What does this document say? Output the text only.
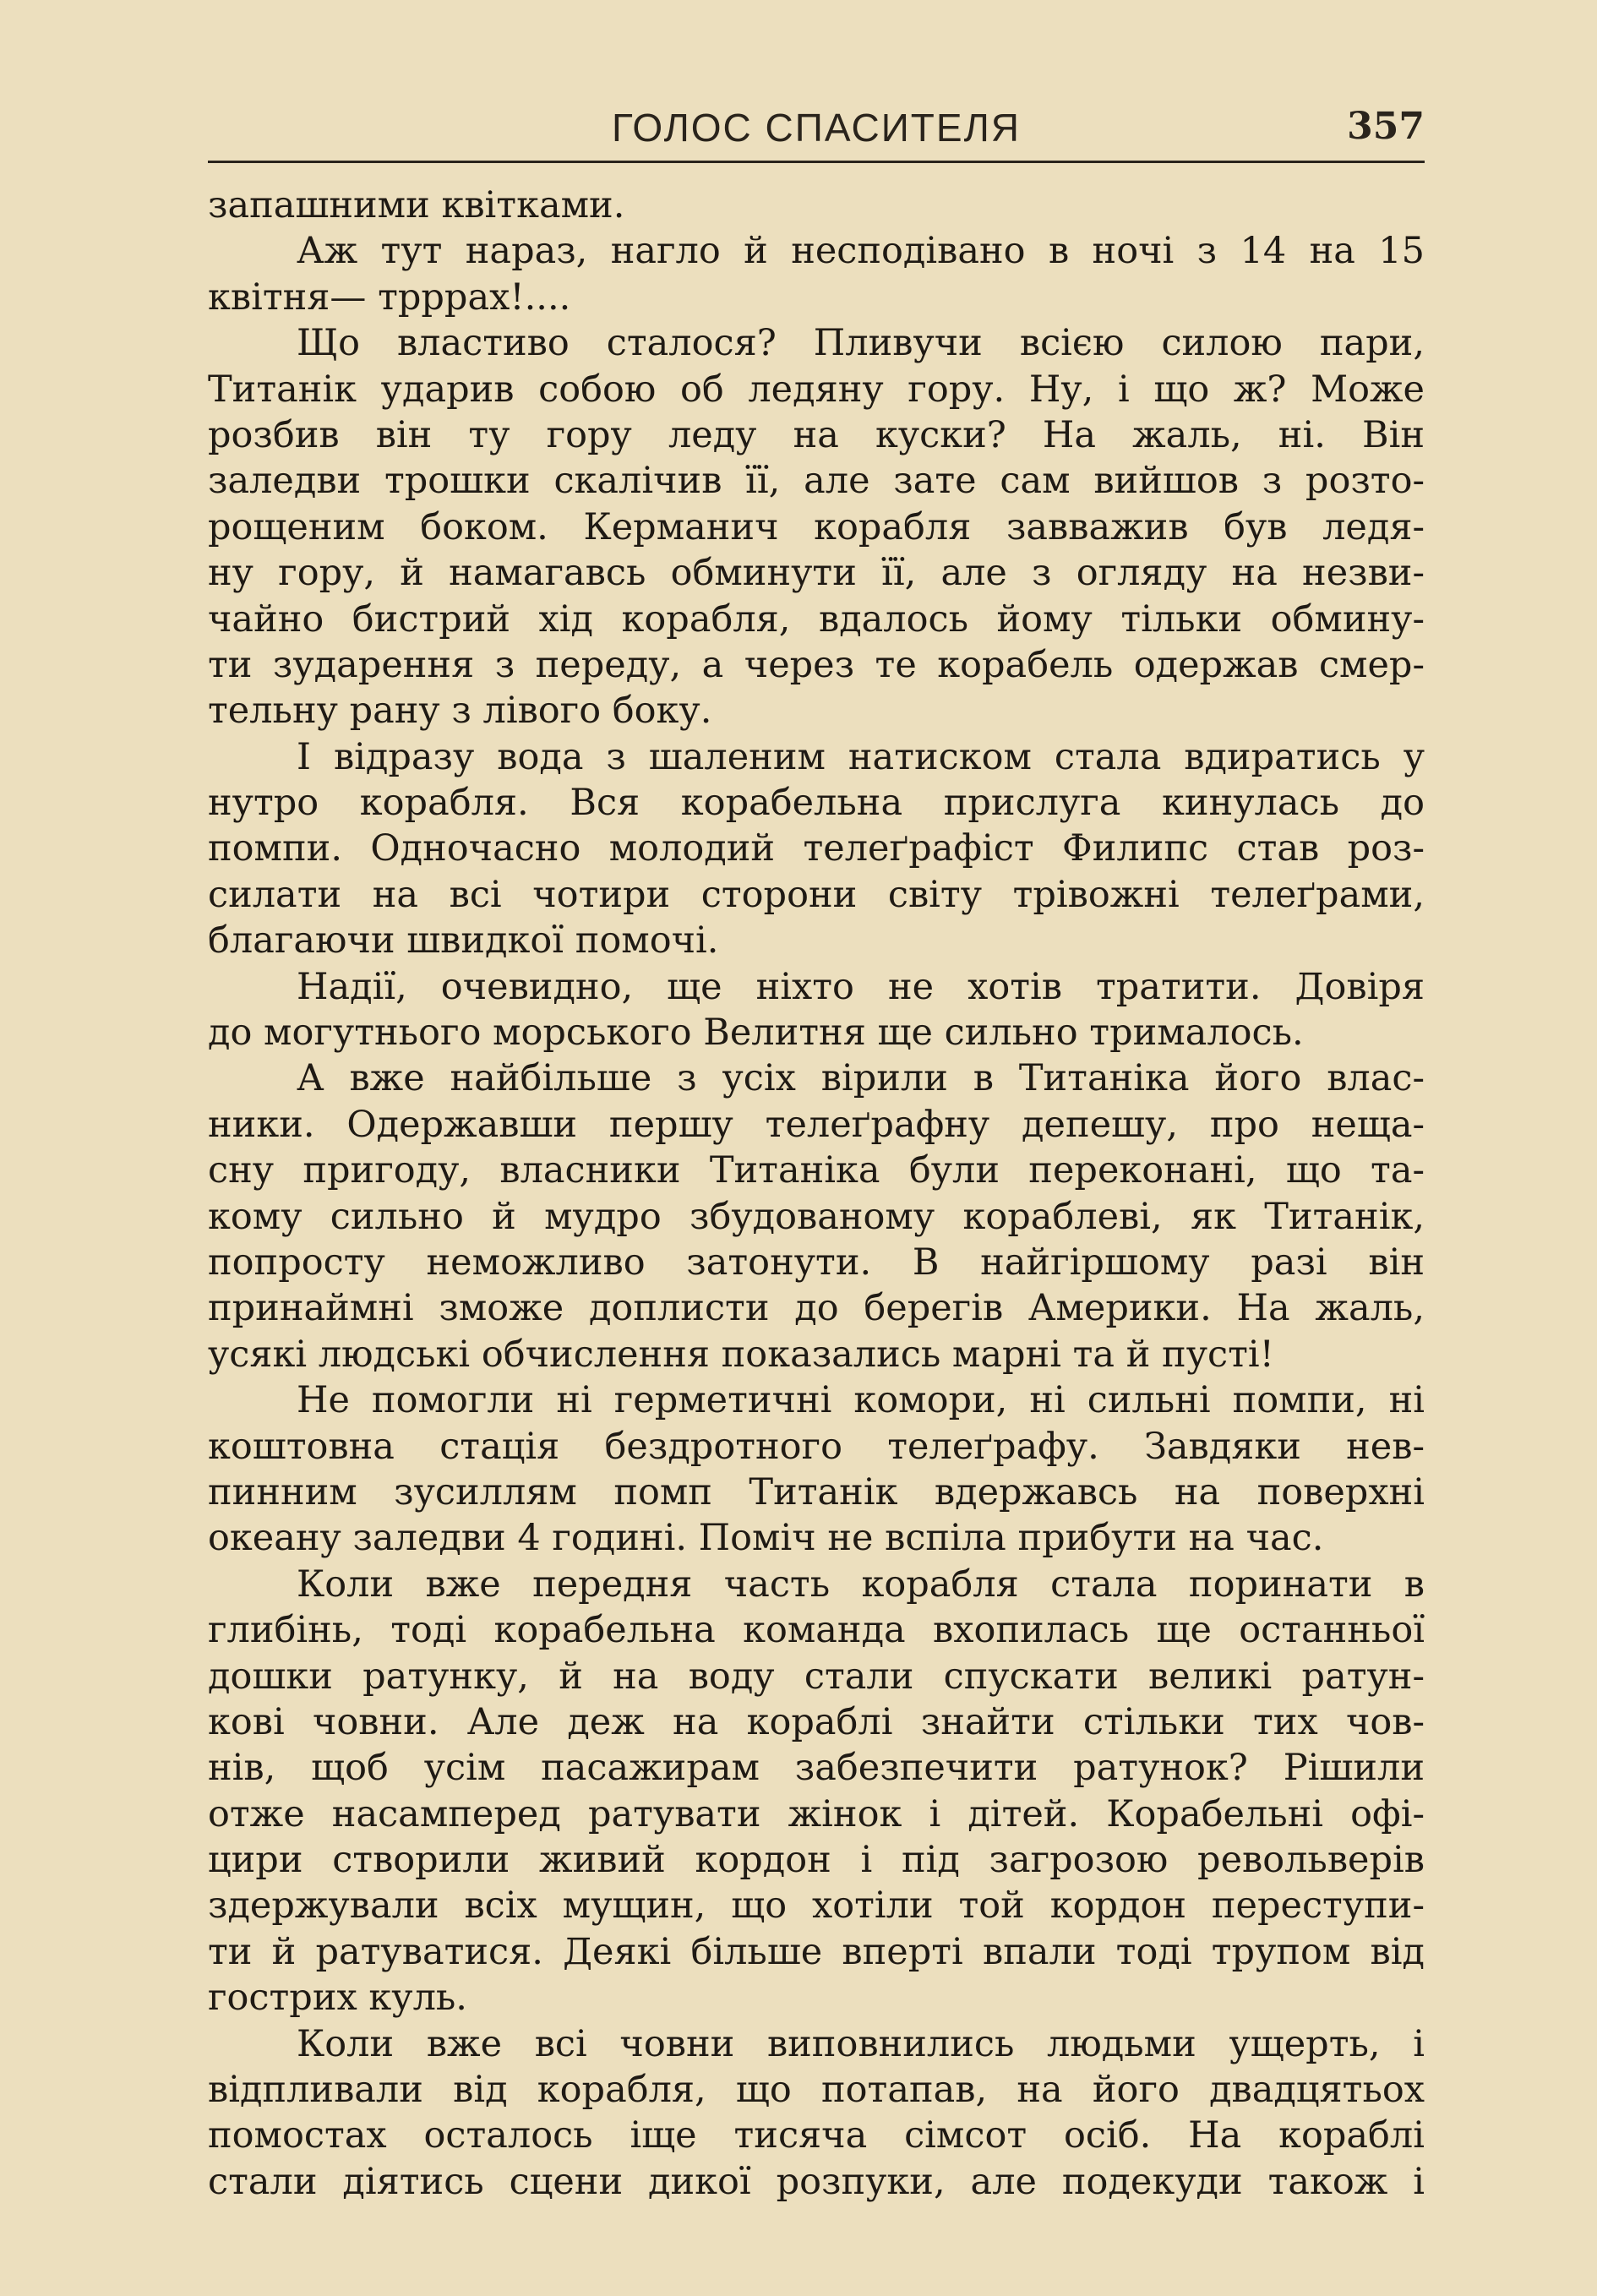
ГОЛОС СПАСИТЕЛЯ	357
запашними квітками.
Аж тут нараз, нагло й несподівано в ночі з 14 на 15
квітня— трррах!....
Що властиво сталося? Пливучи всією силою пари,
Титанік ударив собою об ледяну гору. Ну, і що ж? Може
розбив він ту гору леду на куски? На жаль, ні. Він
заледви трошки скалічив її, але зате сам вийшов з розто-
рощеним боком. Керманич корабля завважив був ледя-
ну гору, й намагавсь обминути її, але з огляду на незви-
чайно бистрий хід корабля, вдалось йому тільки обмину-
ти зударення з переду, а через те корабель одержав смер-
тельну рану з лівого боку.
І відразу вода з шаленим натиском стала вдиратись у
нутро корабля. Вся корабельна прислуга кинулась до
помпи. Одночасно молодий телеґрафіст Филипс став роз-
силати на всі чотири сторони світу трівожні телеґрами,
благаючи швидкої помочі.
Надії, очевидно, ще ніхто не хотів тратити. Довіря
до могутнього морського Велитня ще сильно трималось.
А вже найбільше з усіх вірили в Титаніка його влас-
ники. Одержавши першу телеґрафну депешу, про неща-
сну пригоду, власники Титаніка були переконані, що та-
кому сильно й мудро збудованому кораблеві, як Титанік,
попросту неможливо затонути. В найгіршому разі він
принаймні зможе доплисти до берегів Америки. На жаль,
усякі людські обчислення показались марні та й пусті!
Не помогли ні герметичні комори, ні сильні помпи, ні
коштовна стація бездротного телеґрафу. Завдяки нев-
пинним зусиллям помп Титанік вдержавсь на поверхні
океану заледви 4 годині. Поміч не вспіла прибути на час.
Коли вже передня часть корабля стала поринати в
глибінь, тоді корабельна команда вхопилась ще останньої
дошки ратунку, й на воду стали спускати великі ратун-
кові човни. Але деж на кораблі знайти стільки тих чов-
нів, щоб усім пасажирам забезпечити ратунок? Рішили
отже насамперед ратувати жінок і дітей. Корабельні офі-
цири створили живий кордон і під загрозою револьверів
здержували всіх мущин, що хотіли той кордон переступи-
ти й ратуватися. Деякі більше вперті впали тоді трупом від
гострих куль.
Коли вже всі човни виповнились людьми ущерть, і
відпливали від корабля, що потапав, на його двадцятьох
помостах осталось іще тисяча сімсот осіб. На кораблі
стали діятись сцени дикої розпуки, але подекуди також і
